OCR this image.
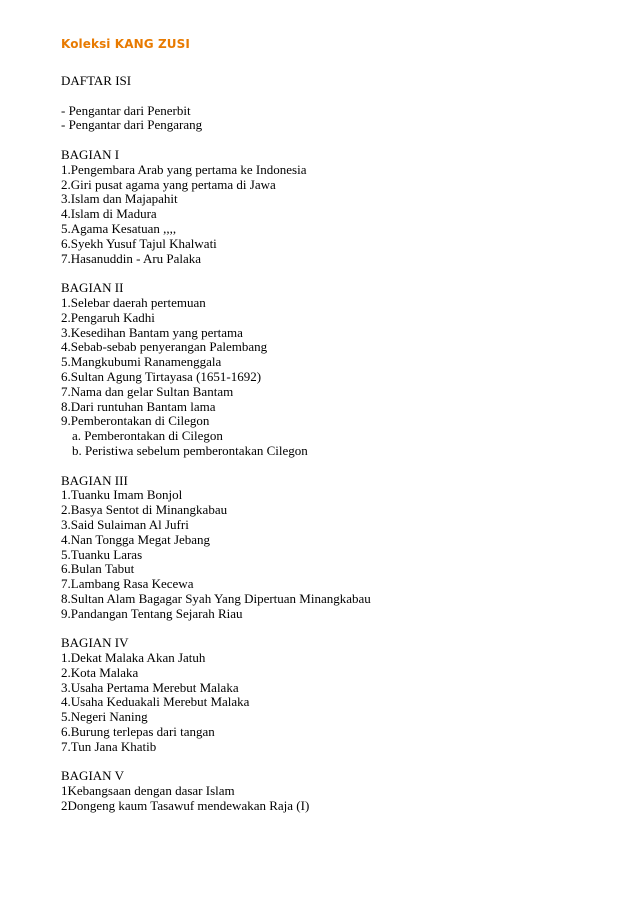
Koleksi KANG ZUSI
DAFTAR ISI
- Pengantar dari Penerbit
- Pengantar dari Pengarang
BAGIAN I
1.Pengembara Arab yang pertama ke Indonesia
2.Giri pusat agama yang pertama di Jawa
3.Islam dan Majapahit
4.Islam di Madura
5.Agama Kesatuan ,,,,
6.Syekh Yusuf Tajul Khalwati
7.Hasanuddin - Aru Palaka
BAGIAN II
1.Selebar daerah pertemuan
2.Pengaruh Kadhi
3.Kesedihan Bantam yang pertama
4.Sebab-sebab penyerangan Palembang
5.Mangkubumi Ranamenggala
6.Sultan Agung Tirtayasa (1651-1692)
7.Nama dan gelar Sultan Bantam
8.Dari runtuhan Bantam lama
9.Pemberontakan di Cilegon
a. Pemberontakan di Cilegon
b. Peristiwa sebelum pemberontakan Cilegon
BAGIAN III
1.Tuanku Imam Bonjol
2.Basya Sentot di Minangkabau
3.Said Sulaiman Al Jufri
4.Nan Tongga Megat Jebang
5.Tuanku Laras
6.Bulan Tabut
7.Lambang Rasa Kecewa
8.Sultan Alam Bagagar Syah Yang Dipertuan Minangkabau
9.Pandangan Tentang Sejarah Riau
BAGIAN IV
1.Dekat Malaka Akan Jatuh
2.Kota Malaka
3.Usaha Pertama Merebut Malaka
4.Usaha Keduakali Merebut Malaka
5.Negeri Naning
6.Burung terlepas dari tangan
7.Tun Jana Khatib
BAGIAN V
1Kebangsaan dengan dasar Islam
2Dongeng kaum Tasawuf mendewakan Raja (I)
